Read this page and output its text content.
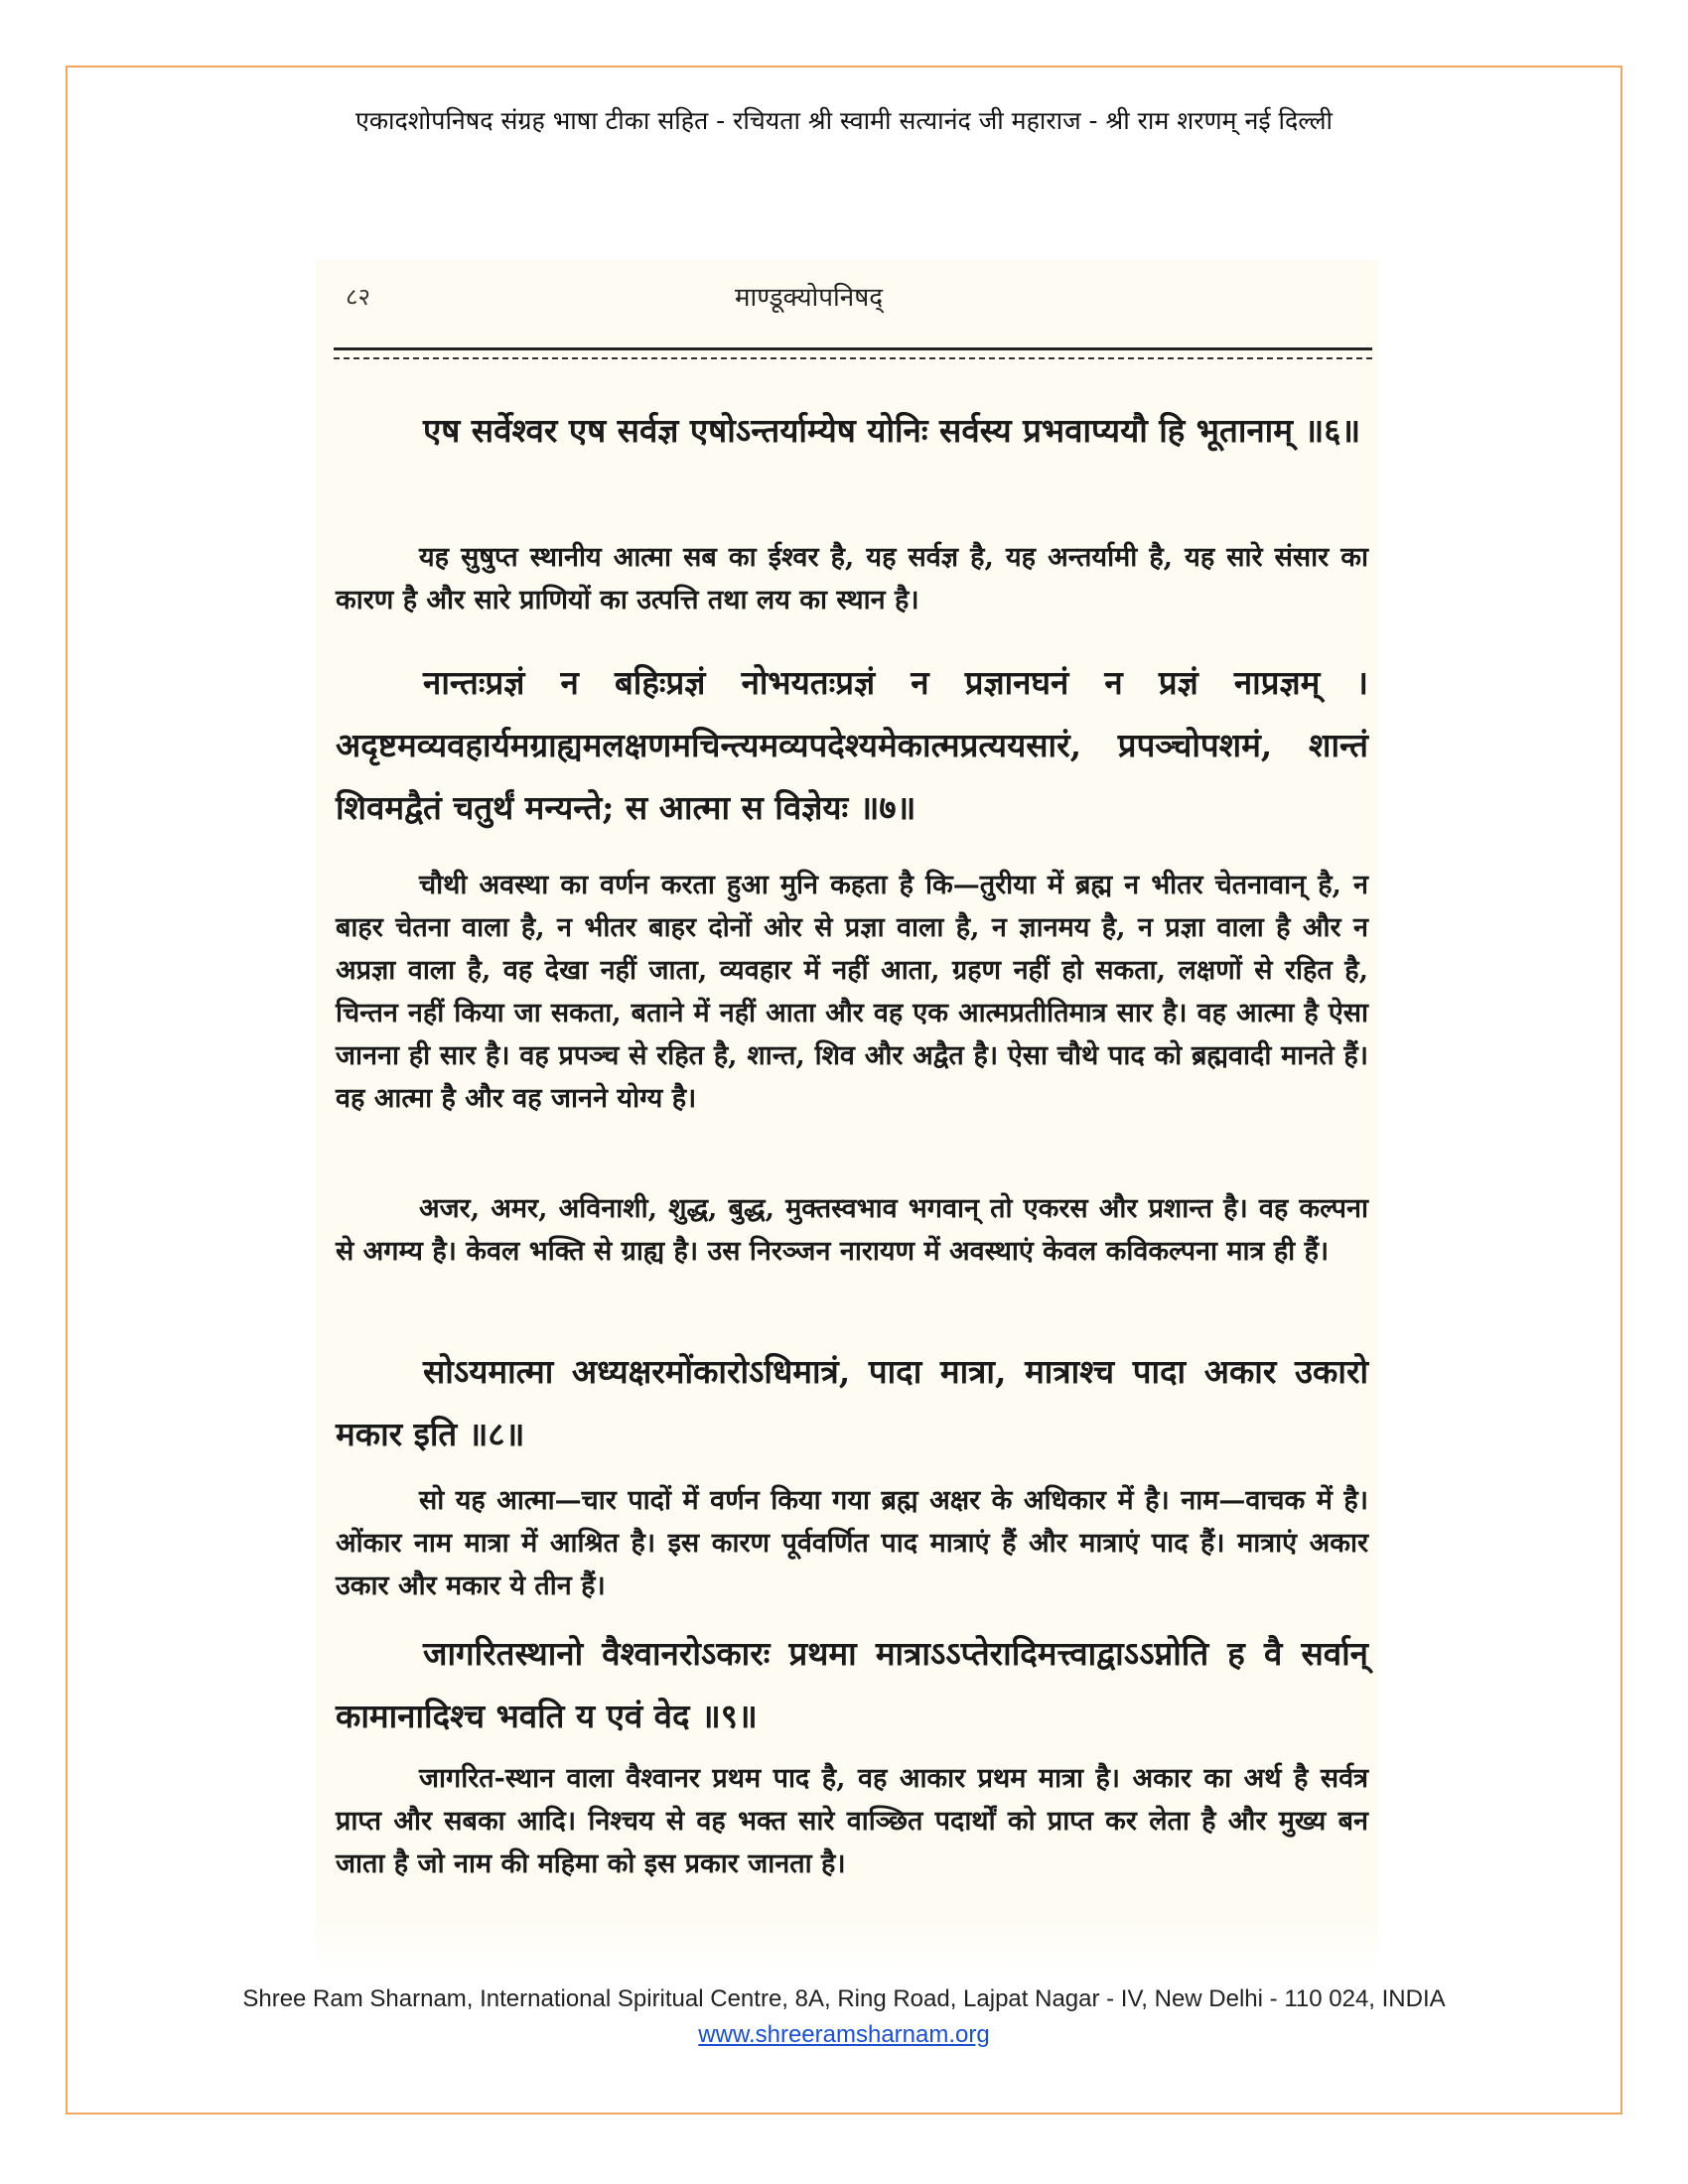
एकादशोपनिषद संग्रह भाषा टीका सहित - रचियता श्री स्वामी सत्यानंद जी महाराज - श्री राम शरणम् नई दिल्ली
८२	माण्डूक्योपनिषद्
एष सर्वेश्वर एष सर्वज्ञ एषोऽन्तर्याम्येष योनिः सर्वस्य प्रभवाप्ययौ हि भूतानाम् ॥६॥
यह सुषुप्त स्थानीय आत्मा सब का ईश्वर है, यह सर्वज्ञ है, यह अन्तर्यामी है, यह सारे संसार का कारण है और सारे प्राणियों का उत्पत्ति तथा लय का स्थान है।
नान्तःप्रज्ञं न बहिःप्रज्ञं नोभयतःप्रज्ञं न प्रज्ञानघनं न प्रज्ञं नाप्रज्ञम् । अदृष्टमव्यवहार्यमग्राह्यमलक्षणमचिन्त्यमव्यपदेश्यमेकात्मप्रत्ययसारं, प्रपञ्चोपशमं, शान्तं शिवमद्वैतं चतुर्थं मन्यन्ते; स आत्मा स विज्ञेयः ॥७॥
चौथी अवस्था का वर्णन करता हुआ मुनि कहता है कि—तुरीया में ब्रह्म न भीतर चेतनावान् है, न बाहर चेतना वाला है, न भीतर बाहर दोनों ओर से प्रज्ञा वाला है, न ज्ञानमय है, न प्रज्ञा वाला है और न अप्रज्ञा वाला है, वह देखा नहीं जाता, व्यवहार में नहीं आता, ग्रहण नहीं हो सकता, लक्षणों से रहित है, चिन्तन नहीं किया जा सकता, बताने में नहीं आता और वह एक आत्मप्रतीतिमात्र सार है। वह आत्मा है ऐसा जानना ही सार है। वह प्रपञ्च से रहित है, शान्त, शिव और अद्वैत है। ऐसा चौथे पाद को ब्रह्मवादी मानते हैं। वह आत्मा है और वह जानने योग्य है।
अजर, अमर, अविनाशी, शुद्ध, बुद्ध, मुक्तस्वभाव भगवान् तो एकरस और प्रशान्त है। वह कल्पना से अगम्य है। केवल भक्ति से ग्राह्य है। उस निरञ्जन नारायण में अवस्थाएं केवल कविकल्पना मात्र ही हैं।
सोऽयमात्मा अध्यक्षरमोंकारोऽधिमात्रं, पादा मात्रा, मात्राश्च पादा अकार उकारो मकार इति ॥८॥
सो यह आत्मा—चार पादों में वर्णन किया गया ब्रह्म अक्षर के अधिकार में है। नाम—वाचक में है। ओंकार नाम मात्रा में आश्रित है। इस कारण पूर्ववर्णित पाद मात्राएं हैं और मात्राएं पाद हैं। मात्राएं अकार उकार और मकार ये तीन हैं।
जागरितस्थानो वैश्वानरोऽकारः प्रथमा मात्राऽऽप्तेरादिमत्त्वाद्वाऽऽप्नोति ह वै सर्वान् कामानादिश्च भवति य एवं वेद ॥९॥
जागरित-स्थान वाला वैश्वानर प्रथम पाद है, वह आकार प्रथम मात्रा है। अकार का अर्थ है सर्वत्र प्राप्त और सबका आदि। निश्चय से वह भक्त सारे वाञ्छित पदार्थों को प्राप्त कर लेता है और मुख्य बन जाता है जो नाम की महिमा को इस प्रकार जानता है।
Shree Ram Sharnam, International Spiritual Centre, 8A, Ring Road, Lajpat Nagar - IV, New Delhi - 110 024, INDIA
www.shreeramsharnam.org
